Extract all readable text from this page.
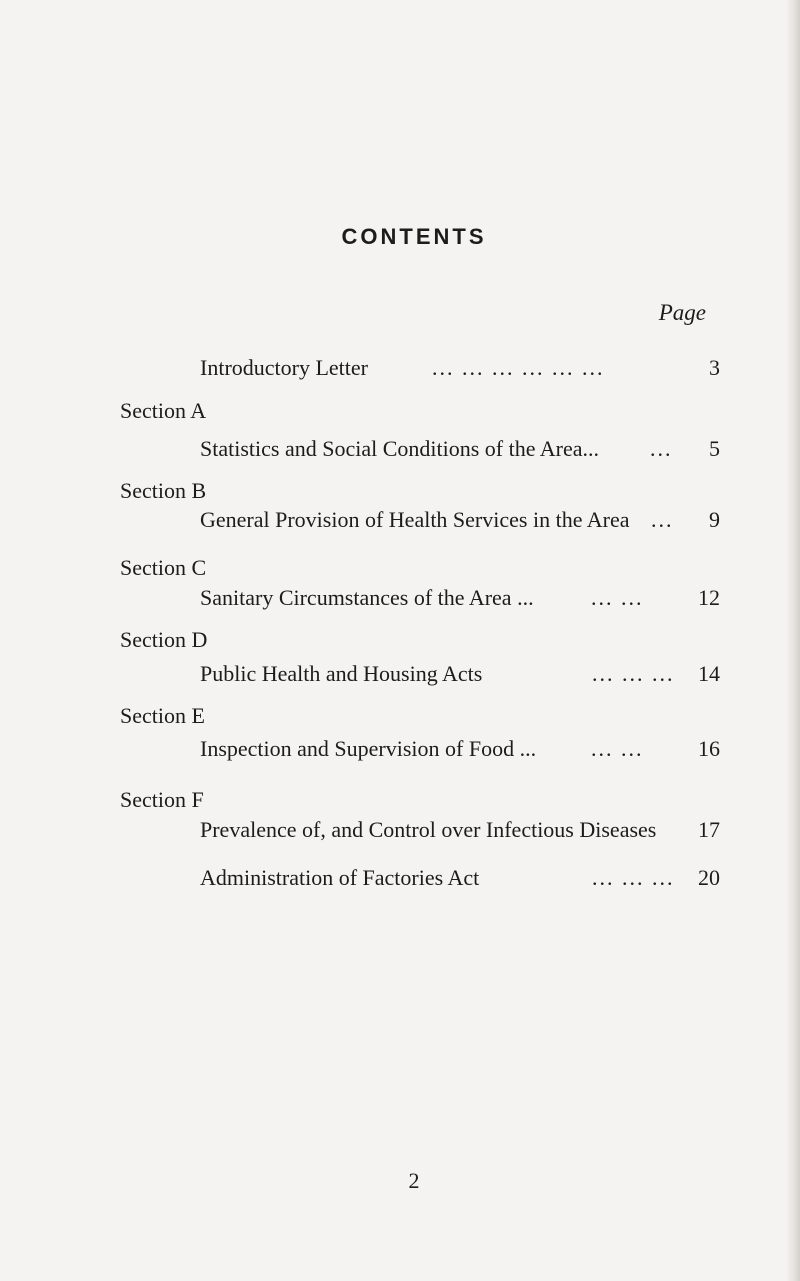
CONTENTS
Page
Introductory Letter	... ... ... ... ... ...	3
Section A
Statistics and Social Conditions of the Area... ... 5
Section B
General Provision of Health Services in the Area ... 9
Section C
Sanitary Circumstances of the Area ...	... ... 12
Section D
Public Health and Housing Acts	... ... ... 14
Section E
Inspection and Supervision of Food ... ... ... 16
Section F
Prevalence of, and Control over Infectious Diseases 17
Administration of Factories Act	... ... ... 20
2
